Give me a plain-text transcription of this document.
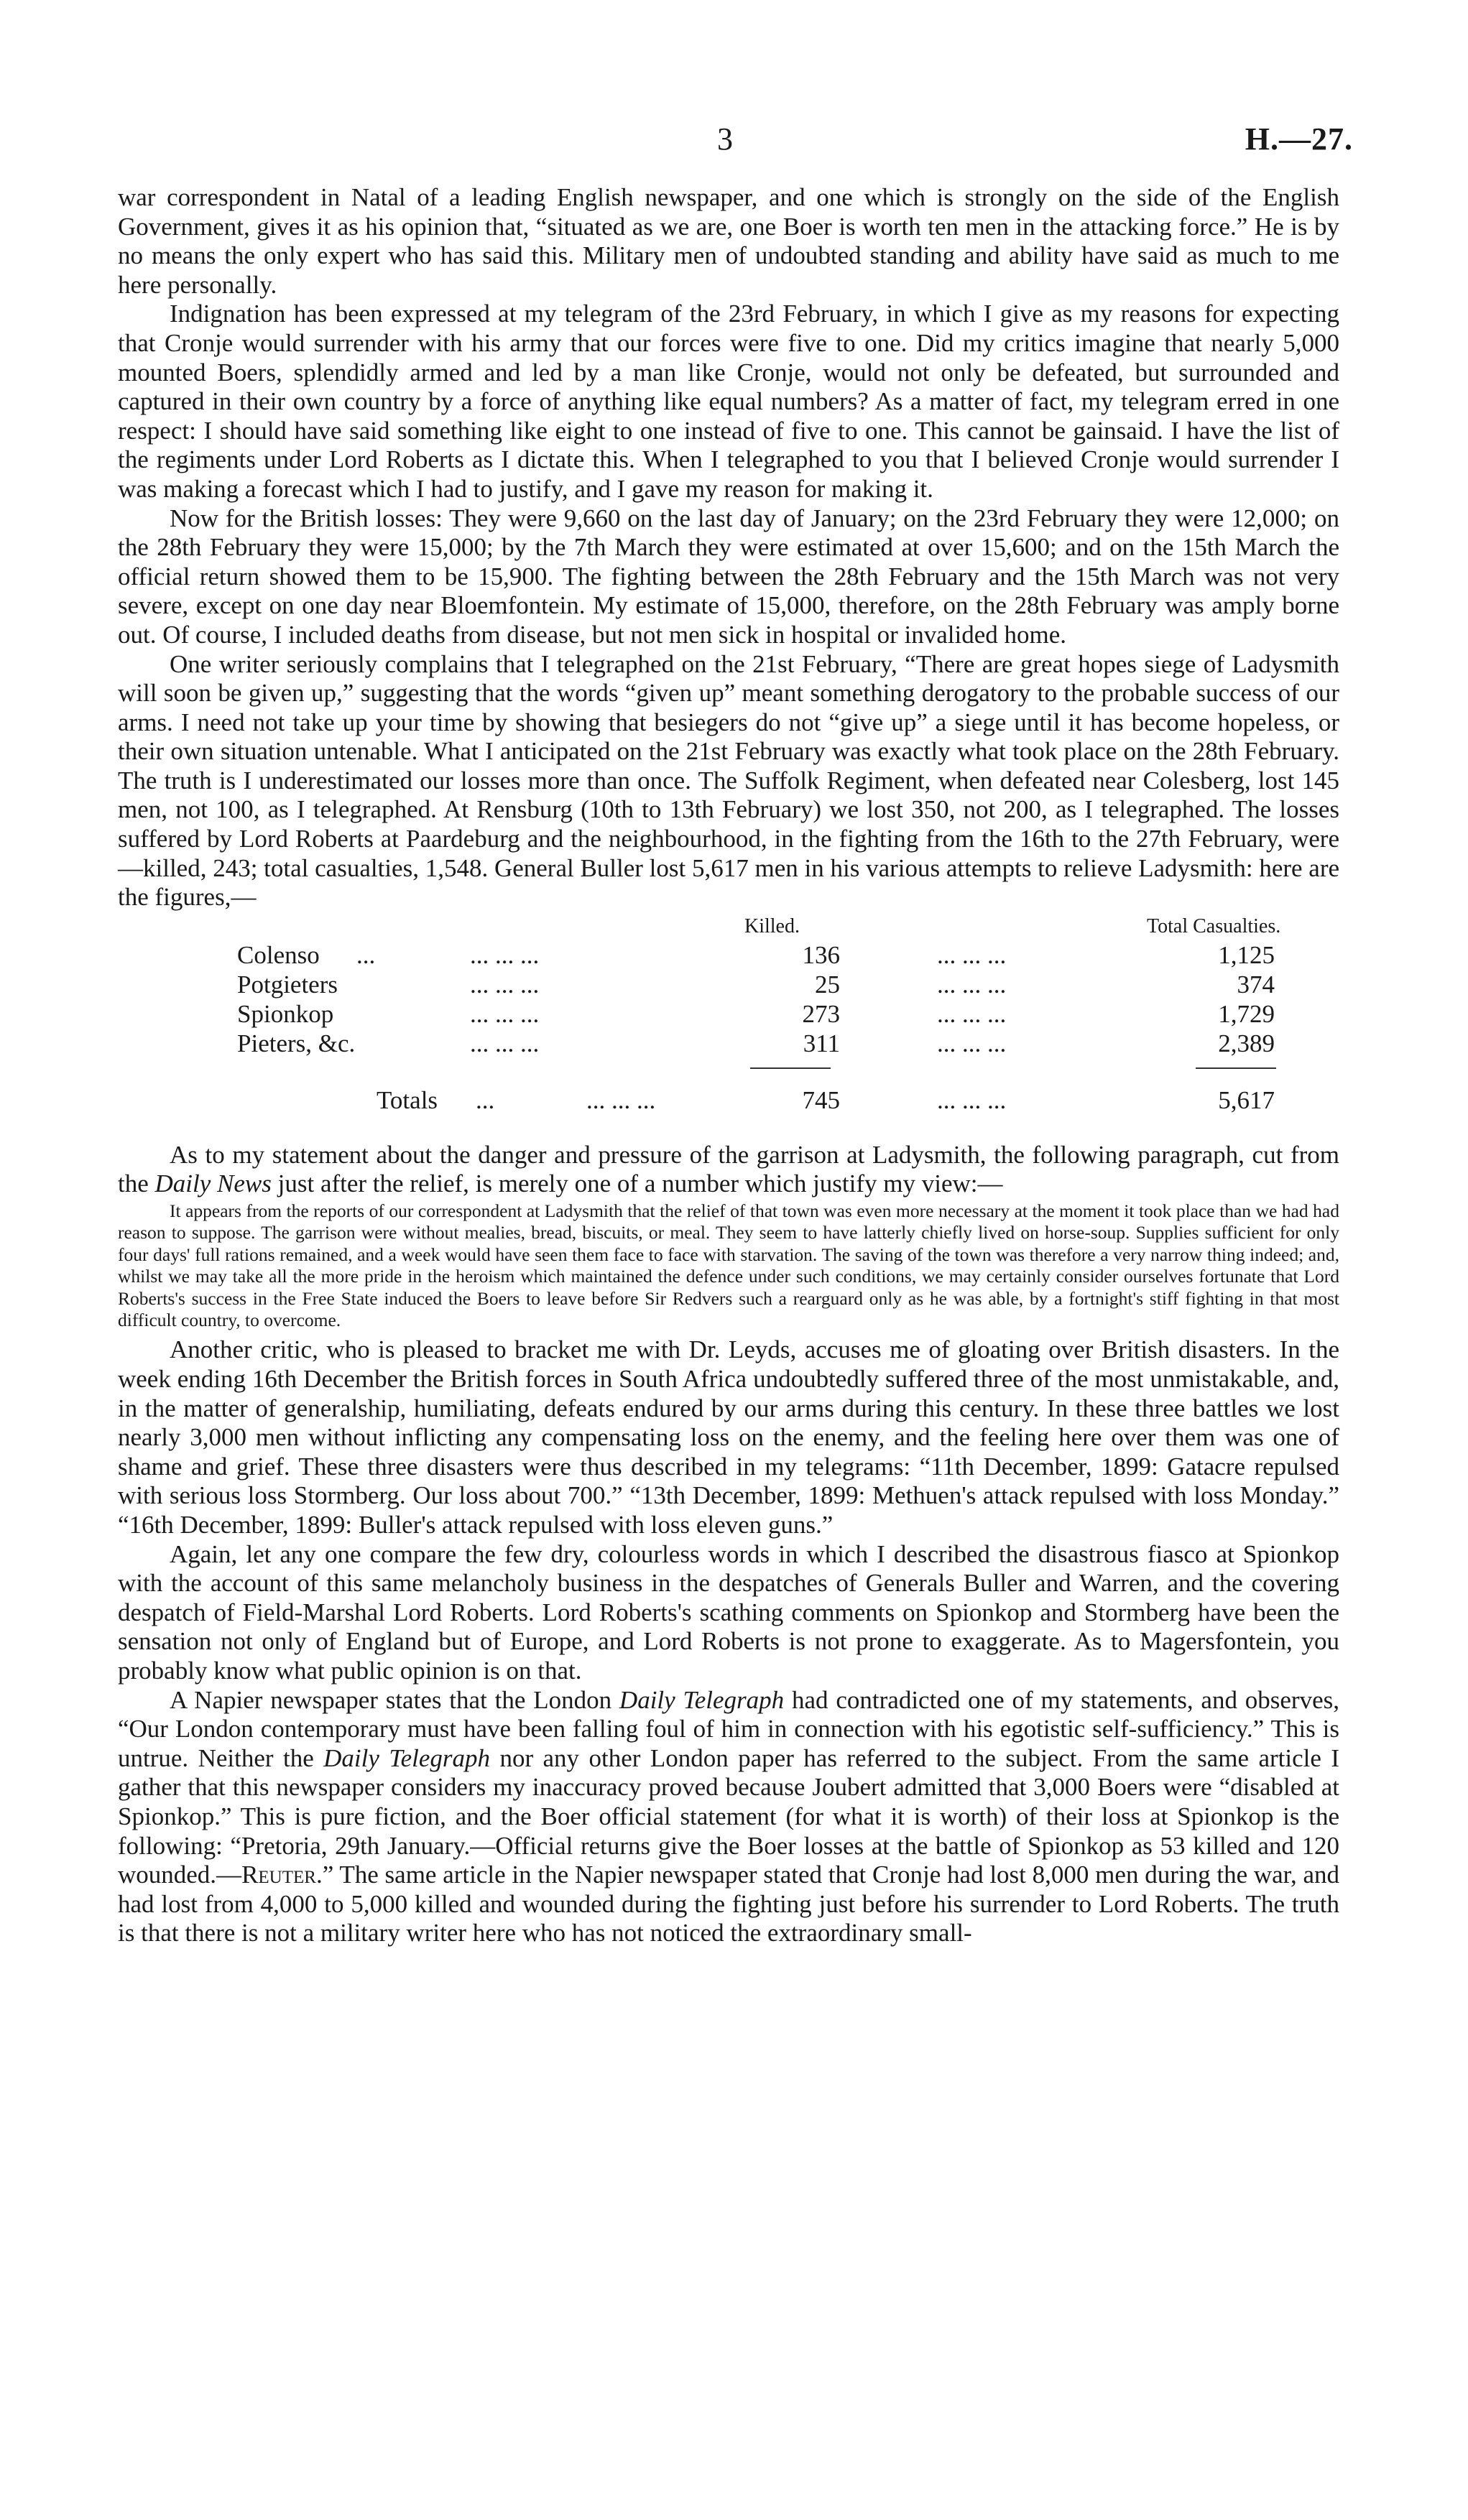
3	H.—27.

war correspondent in Natal of a leading English newspaper, and one which is strongly on the side of the English Government, gives it as his opinion that, “situated as we are, one Boer is worth ten men in the attacking force.” He is by no means the only expert who has said this. Military men of undoubted standing and ability have said as much to me here personally.

Indignation has been expressed at my telegram of the 23rd February, in which I give as my reasons for expecting that Cronje would surrender with his army that our forces were five to one. Did my critics imagine that nearly 5,000 mounted Boers, splendidly armed and led by a man like Cronje, would not only be defeated, but surrounded and captured in their own country by a force of anything like equal numbers? As a matter of fact, my telegram erred in one respect: I should have said something like eight to one instead of five to one. This cannot be gainsaid. I have the list of the regiments under Lord Roberts as I dictate this. When I telegraphed to you that I believed Cronje would surrender I was making a forecast which I had to justify, and I gave my reason for making it.

Now for the British losses: They were 9,660 on the last day of January; on the 23rd February they were 12,000; on the 28th February they were 15,000; by the 7th March they were estimated at over 15,600; and on the 15th March the official return showed them to be 15,900. The fighting between the 28th February and the 15th March was not very severe, except on one day near Bloemfontein. My estimate of 15,000, therefore, on the 28th February was amply borne out. Of course, I included deaths from disease, but not men sick in hospital or invalided home.

One writer seriously complains that I telegraphed on the 21st February, “There are great hopes siege of Ladysmith will soon be given up,” suggesting that the words “given up” meant something derogatory to the probable success of our arms. I need not take up your time by showing that besiegers do not “give up” a siege until it has become hopeless, or their own situation untenable. What I anticipated on the 21st February was exactly what took place on the 28th February. The truth is I underestimated our losses more than once. The Suffolk Regiment, when defeated near Colesberg, lost 145 men, not 100, as I telegraphed. At Rensburg (10th to 13th February) we lost 350, not 200, as I telegraphed. The losses suffered by Lord Roberts at Paardeburg and the neighbourhood, in the fighting from the 16th to the 27th February, were—killed, 243; total casualties, 1,548. General Buller lost 5,617 men in his various attempts to relieve Ladysmith: here are the figures,—

Killed.	Total Casualties.
Colenso ...	... ... ...	136	... ... ...	1,125
Potgieters	... ... ...	25	... ... ...	374
Spionkop	... ... ...	273	... ... ...	1,729
Pieters, &c.	... ... ...	311	... ... ...	2,389
Totals ...	... ... ...	745	... ... ...	5,617

As to my statement about the danger and pressure of the garrison at Ladysmith, the following paragraph, cut from the Daily News just after the relief, is merely one of a number which justify my view:—

It appears from the reports of our correspondent at Ladysmith that the relief of that town was even more necessary at the moment it took place than we had had reason to suppose. The garrison were without mealies, bread, biscuits, or meal. They seem to have latterly chiefly lived on horse-soup. Supplies sufficient for only four days' full rations remained, and a week would have seen them face to face with starvation. The saving of the town was therefore a very narrow thing indeed; and, whilst we may take all the more pride in the heroism which maintained the defence under such conditions, we may certainly consider ourselves fortunate that Lord Roberts's success in the Free State induced the Boers to leave before Sir Redvers such a rearguard only as he was able, by a fortnight's stiff fighting in that most difficult country, to overcome.

Another critic, who is pleased to bracket me with Dr. Leyds, accuses me of gloating over British disasters. In the week ending 16th December the British forces in South Africa undoubtedly suffered three of the most unmistakable, and, in the matter of generalship, humiliating, defeats endured by our arms during this century. In these three battles we lost nearly 3,000 men without inflicting any compensating loss on the enemy, and the feeling here over them was one of shame and grief. These three disasters were thus described in my telegrams: “11th December, 1899: Gatacre repulsed with serious loss Stormberg. Our loss about 700.” “13th December, 1899: Methuen's attack repulsed with loss Monday.” “16th December, 1899: Buller's attack repulsed with loss eleven guns.”

Again, let any one compare the few dry, colourless words in which I described the disastrous fiasco at Spionkop with the account of this same melancholy business in the despatches of Generals Buller and Warren, and the covering despatch of Field-Marshal Lord Roberts. Lord Roberts's scathing comments on Spionkop and Stormberg have been the sensation not only of England but of Europe, and Lord Roberts is not prone to exaggerate. As to Magersfontein, you probably know what public opinion is on that.

A Napier newspaper states that the London Daily Telegraph had contradicted one of my statements, and observes, “Our London contemporary must have been falling foul of him in connection with his egotistic self-sufficiency.” This is untrue. Neither the Daily Telegraph nor any other London paper has referred to the subject. From the same article I gather that this newspaper considers my inaccuracy proved because Joubert admitted that 3,000 Boers were “disabled at Spionkop.” This is pure fiction, and the Boer official statement (for what it is worth) of their loss at Spionkop is the following: “Pretoria, 29th January.—Official returns give the Boer losses at the battle of Spionkop as 53 killed and 120 wounded.—Reuter.” The same article in the Napier newspaper stated that Cronje had lost 8,000 men during the war, and had lost from 4,000 to 5,000 killed and wounded during the fighting just before his surrender to Lord Roberts. The truth is that there is not a military writer here who has not noticed the extraordinary small-
